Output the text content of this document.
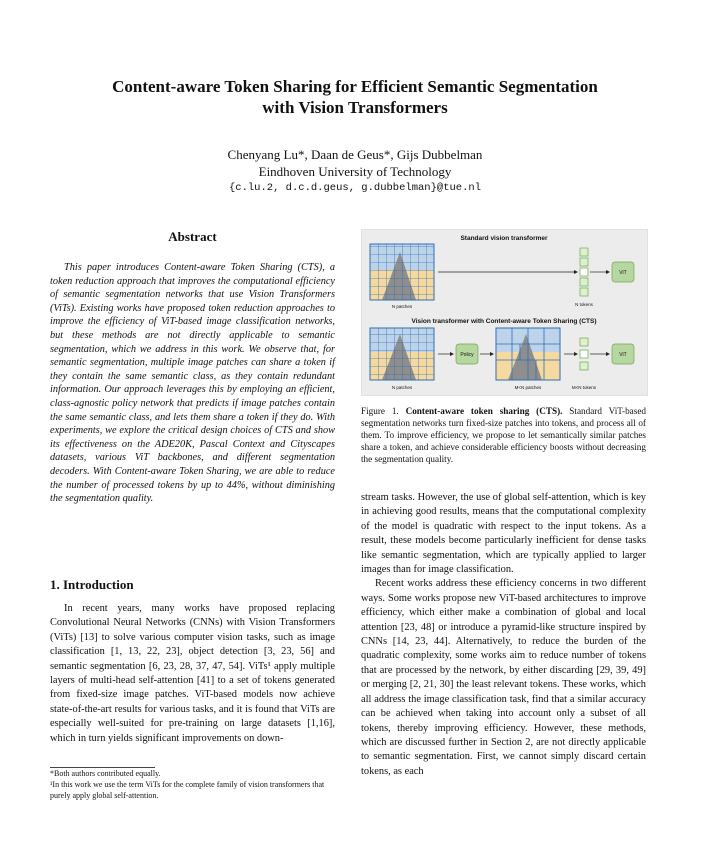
Content-aware Token Sharing for Efficient Semantic Segmentation
with Vision Transformers
Chenyang Lu*, Daan de Geus*, Gijs Dubbelman
Eindhoven University of Technology
{c.lu.2, d.c.d.geus, g.dubbelman}@tue.nl
Abstract

This paper introduces Content-aware Token Sharing (CTS), a token reduction approach that improves the computational efficiency of semantic segmentation networks that use Vision Transformers (ViTs). Existing works have proposed token reduction approaches to improve the efficiency of ViT-based image classification networks, but these methods are not directly applicable to semantic segmentation, which we address in this work. We observe that, for semantic segmentation, multiple image patches can share a token if they contain the same semantic class, as they contain redundant information. Our approach leverages this by employing an efficient, class-agnostic policy network that predicts if image patches contain the same semantic class, and lets them share a token if they do. With experiments, we explore the critical design choices of CTS and show its effectiveness on the ADE20K, Pascal Context and Cityscapes datasets, various ViT backbones, and different segmentation decoders. With Content-aware Token Sharing, we are able to reduce the number of processed tokens by up to 44%, without diminishing the segmentation quality.

1. Introduction

In recent years, many works have proposed replacing Convolutional Neural Networks (CNNs) with Vision Transformers (ViTs) [13] to solve various computer vision tasks, such as image classification [1, 13, 22, 23], object detection [3, 23, 56] and semantic segmentation [6, 23, 28, 37, 47, 54]. ViTs¹ apply multiple layers of multi-head self-attention [41] to a set of tokens generated from fixed-size image patches. ViT-based models now achieve state-of-the-art results for various tasks, and it is found that ViTs are especially well-suited for pre-training on large datasets [1,16], which in turn yields significant improvements on down-

*Both authors contributed equally.
¹In this work we use the term ViTs for the complete family of vision transformers that purely apply global self-attention.
Standard vision transformer
N patches	N tokens
ViT
Vision transformer with Content-aware Token Sharing (CTS)
N patches
Policy
M<N patches	M<N tokens
ViT
Figure 1. Content-aware token sharing (CTS). Standard ViT-based segmentation networks turn fixed-size patches into tokens, and process all of them. To improve efficiency, we propose to let semantically similar patches share a token, and achieve considerable efficiency boosts without decreasing the segmentation quality.

stream tasks. However, the use of global self-attention, which is key in achieving good results, means that the computational complexity of the model is quadratic with respect to the input tokens. As a result, these models become particularly inefficient for dense tasks like semantic segmentation, which are typically applied to larger images than for image classification.

Recent works address these efficiency concerns in two different ways. Some works propose new ViT-based architectures to improve efficiency, which either make a combination of global and local attention [23, 48] or introduce a pyramid-like structure inspired by CNNs [14, 23, 44]. Alternatively, to reduce the burden of the quadratic complexity, some works aim to reduce number of tokens that are processed by the network, by either discarding [29, 39, 49] or merging [2, 21, 30] the least relevant tokens. These works, which all address the image classification task, find that a similar accuracy can be achieved when taking into account only a subset of all tokens, thereby improving efficiency. However, these methods, which are discussed further in Section 2, are not directly applicable to semantic segmentation. First, we cannot simply discard certain tokens, as each
